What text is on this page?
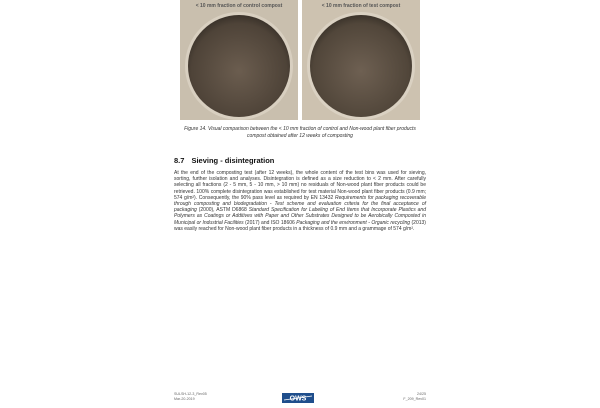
< 10 mm fraction of control compost	< 10 mm fraction of test compost
Figure 14. Visual comparison between the < 10 mm fraction of control and Non-wood plant fiber products compost obtained after 12 weeks of composting
8.7 Sieving - disintegration
At the end of the composting test (after 12 weeks), the whole content of the test bins was used for sieving, sorting, further isolation and analyses. Disintegration is defined as a size reduction to < 2 mm. After carefully selecting all fractions (2 - 5 mm, 5 - 10 mm, > 10 mm) no residuals of Non-wood plant fiber products could be retrieved. 100% complete disintegration was established for test material Non-wood plant fiber products (0.9 mm; 574 g/m²). Consequently, the 90% pass level as required by EN 13432 Requirements for packaging recoverable through composting and biodegradation - Test scheme and evaluation criteria for the final acceptance of packaging (2000), ASTM D6868 Standard Specification for Labeling of End Items that Incorporate Plastics and Polymers as Coatings or Additives with Paper and Other Substrates Designed to be Aerobically Composted in Municipal or Industrial Facilities (2017) and ISO 18606 Packaging and the environment - Organic recycling (2013) was easily reached for Non-wood plant fiber products in a thickness of 0.9 mm and a grammage of 574 g/m².
SULSH-12-3_Rev05
Mar-20-2019	OWS
24/25
F_209_Rev01
